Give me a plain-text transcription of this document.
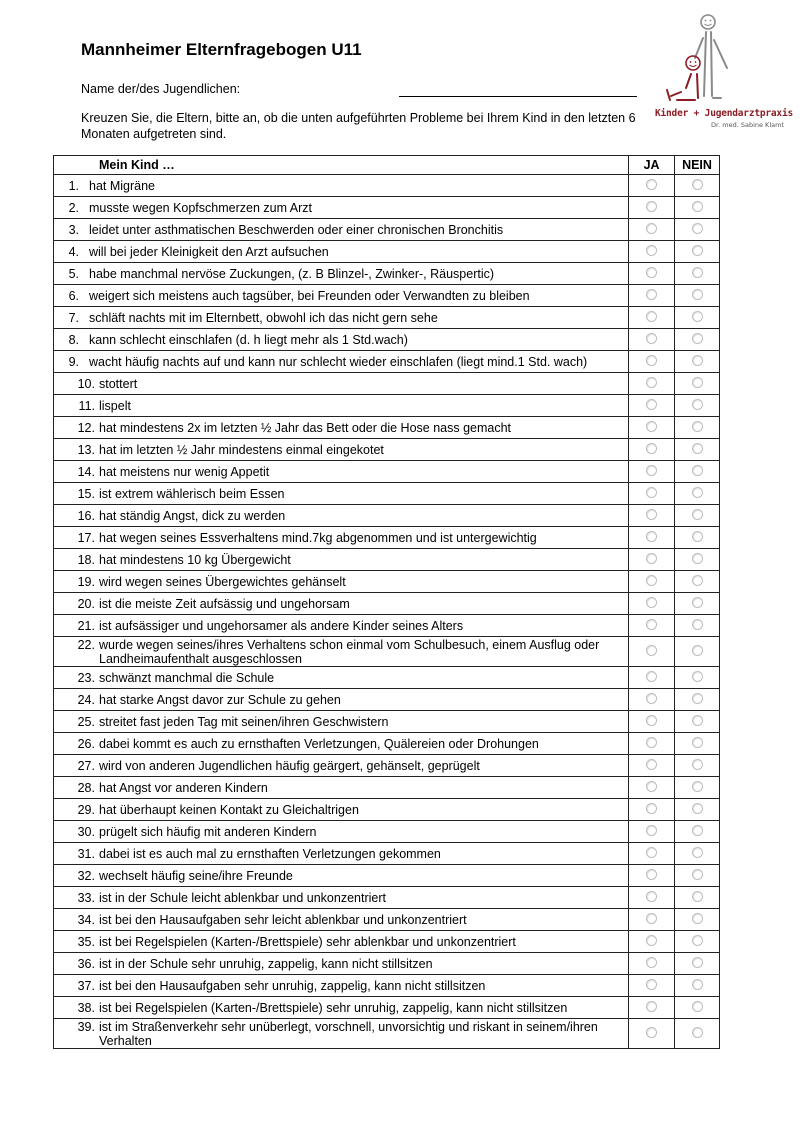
Mannheimer Elternfragebogen U11
Name der/des Jugendlichen:
Kreuzen Sie, die Eltern, bitte an, ob die unten aufgeführten Probleme bei Ihrem Kind in den letzten 6 Monaten aufgetreten sind.
Kinder + Jugendarztpraxis
Dr. med. Sabine Klamt
Mein Kind …	JA	NEIN

1. hat Migräne		

2. musste wegen Kopfschmerzen zum Arzt		

3. leidet unter asthmatischen Beschwerden oder einer chronischen Bronchitis		

4. will bei jeder Kleinigkeit den Arzt aufsuchen		

5. habe manchmal nervöse Zuckungen, (z. B Blinzel-, Zwinker-, Räuspertic)		

6. weigert sich meistens auch tagsüber, bei Freunden oder Verwandten zu bleiben		

7. schläft nachts mit im Elternbett, obwohl ich das nicht gern sehe		

8. kann schlecht einschlafen (d. h liegt mehr als 1 Std.wach)		

9. wacht häufig nachts auf und kann nur schlecht wieder einschlafen (liegt mind.1 Std. wach)		

10. stottert		

11. lispelt		

12. hat mindestens 2x im letzten ½ Jahr das Bett oder die Hose nass gemacht		

13. hat im letzten ½ Jahr mindestens einmal eingekotet		

14. hat meistens nur wenig Appetit		

15. ist extrem wählerisch beim Essen		

16. hat ständig Angst, dick zu werden		

17. hat wegen seines Essverhaltens mind.7kg abgenommen und ist untergewichtig		

18. hat mindestens 10 kg Übergewicht		

19. wird wegen seines Übergewichtes gehänselt		

20. ist die meiste Zeit aufsässig und ungehorsam		

21. ist aufsässiger und ungehorsamer als andere Kinder seines Alters		

22. wurde wegen seines/ihres Verhaltens schon einmal vom Schulbesuch, einem Ausflug oder Landheimaufenthalt ausgeschlossen		

23. schwänzt manchmal die Schule		

24. hat starke Angst davor zur Schule zu gehen		

25. streitet fast jeden Tag mit seinen/ihren Geschwistern		

26. dabei kommt es auch zu ernsthaften Verletzungen, Quälereien oder Drohungen		

27. wird von anderen Jugendlichen häufig geärgert, gehänselt, geprügelt		

28. hat Angst vor anderen Kindern		

29. hat überhaupt keinen Kontakt zu Gleichaltrigen		

30. prügelt sich häufig mit anderen Kindern		

31. dabei ist es auch mal zu ernsthaften Verletzungen gekommen		

32. wechselt häufig seine/ihre Freunde		

33. ist in der Schule leicht ablenkbar und unkonzentriert		

34. ist bei den Hausaufgaben sehr leicht ablenkbar und unkonzentriert		

35. ist bei Regelspielen (Karten-/Brettspiele) sehr ablenkbar und unkonzentriert		

36. ist in der Schule sehr unruhig, zappelig, kann nicht stillsitzen		

37. ist bei den Hausaufgaben sehr unruhig, zappelig, kann nicht stillsitzen		

38. ist bei Regelspielen (Karten-/Brettspiele) sehr unruhig, zappelig, kann nicht stillsitzen		

39. ist im Straßenverkehr sehr unüberlegt, vorschnell, unvorsichtig und riskant in seinem/ihren Verhalten		
